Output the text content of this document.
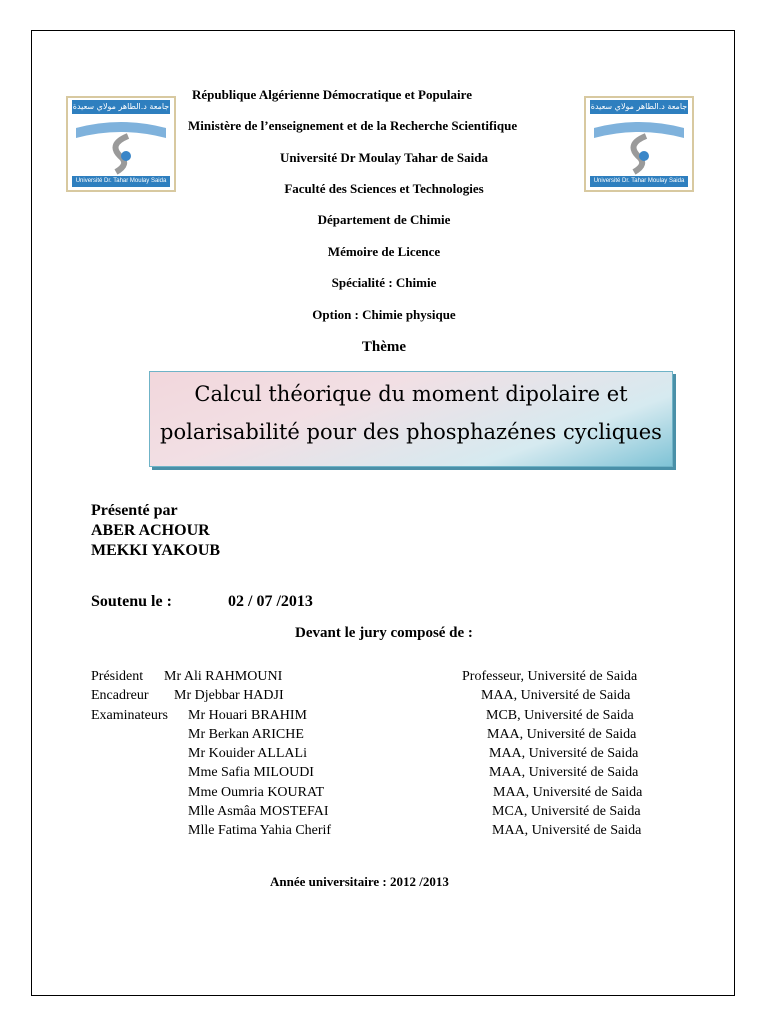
جامعة د.الطاهر مولاي سعيدة
Université Dr. Tahar Moulay Saida
جامعة د.الطاهر مولاي سعيدة
Université Dr. Tahar Moulay Saida
République Algérienne Démocratique et Populaire
Ministère de l’enseignement et de la Recherche Scientifique
Université Dr Moulay Tahar de Saida
Faculté des Sciences et Technologies
Département de Chimie
Mémoire de Licence
Spécialité : Chimie
Option : Chimie physique
Thème
Calcul théorique du moment dipolaire et
polarisabilité pour des phosphazénes cycliques
Présenté par
ABER ACHOUR
MEKKI YAKOUB
Soutenu le :	02 / 07 /2013
Devant le jury composé de :
Président Mr Ali RAHMOUNI	Professeur, Université de Saida
Encadreur Mr Djebbar HADJI	MAA, Université de Saida
Examinateurs Mr Houari BRAHIM	MCB, Université de Saida
Mr Berkan ARICHE	MAA, Université de Saida
Mr Kouider ALLALi	MAA, Université de Saida
Mme Safia MILOUDI	MAA, Université de Saida
Mme Oumria KOURAT	MAA, Université de Saida
Mlle Asmâa MOSTEFAI	MCA, Université de Saida
Mlle Fatima Yahia Cherif	MAA, Université de Saida
Année universitaire : 2012 /2013
